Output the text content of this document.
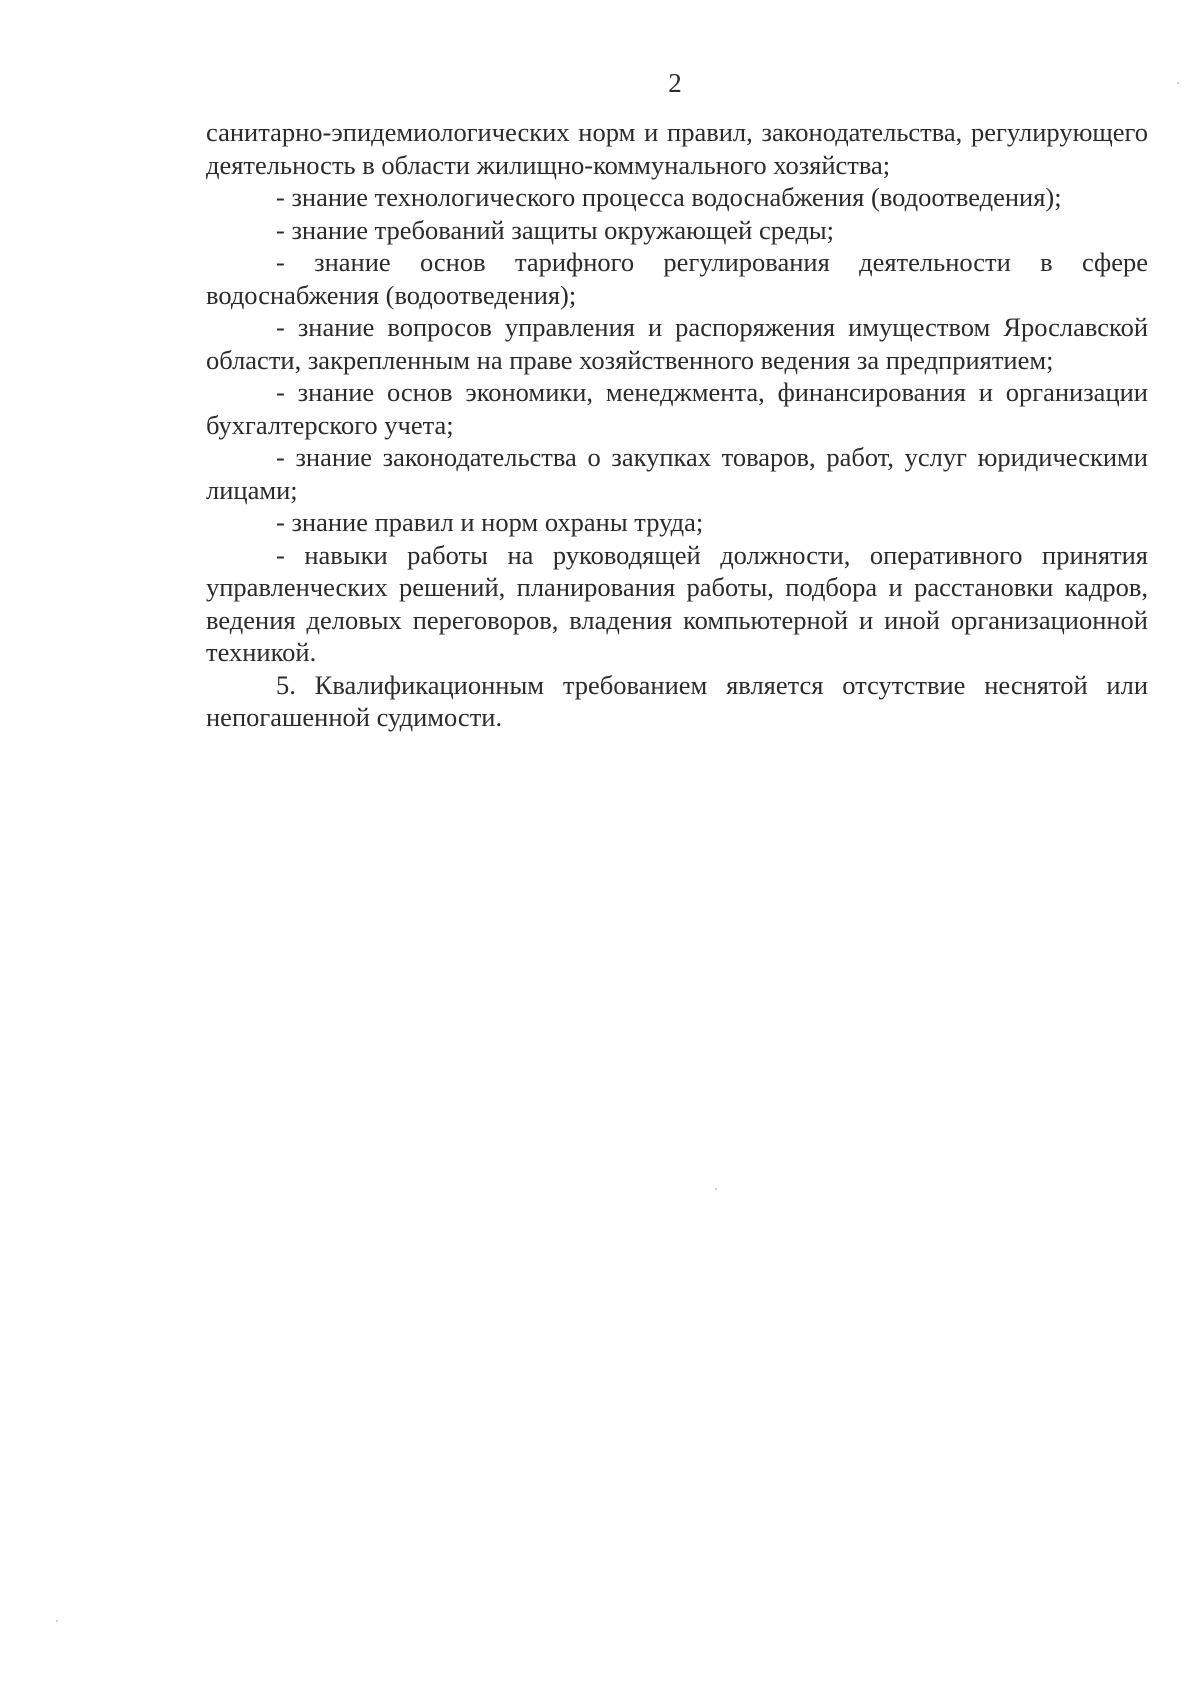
2

санитарно-эпидемиологических норм и правил, законодательства, регулирующего деятельность в области жилищно-коммунального хозяйства;

- знание технологического процесса водоснабжения (водоотведения);

- знание требований защиты окружающей среды;

- знание основ тарифного регулирования деятельности в сфере водоснабжения (водоотведения);

- знание вопросов управления и распоряжения имуществом Ярославской области, закрепленным на праве хозяйственного ведения за предприятием;

- знание основ экономики, менеджмента, финансирования и организации бухгалтерского учета;

- знание законодательства о закупках товаров, работ, услуг юридическими лицами;

- знание правил и норм охраны труда;

- навыки работы на руководящей должности, оперативного принятия управленческих решений, планирования работы, подбора и расстановки кадров, ведения деловых переговоров, владения компьютерной и иной организационной техникой.

5. Квалификационным требованием является отсутствие неснятой или непогашенной судимости.
